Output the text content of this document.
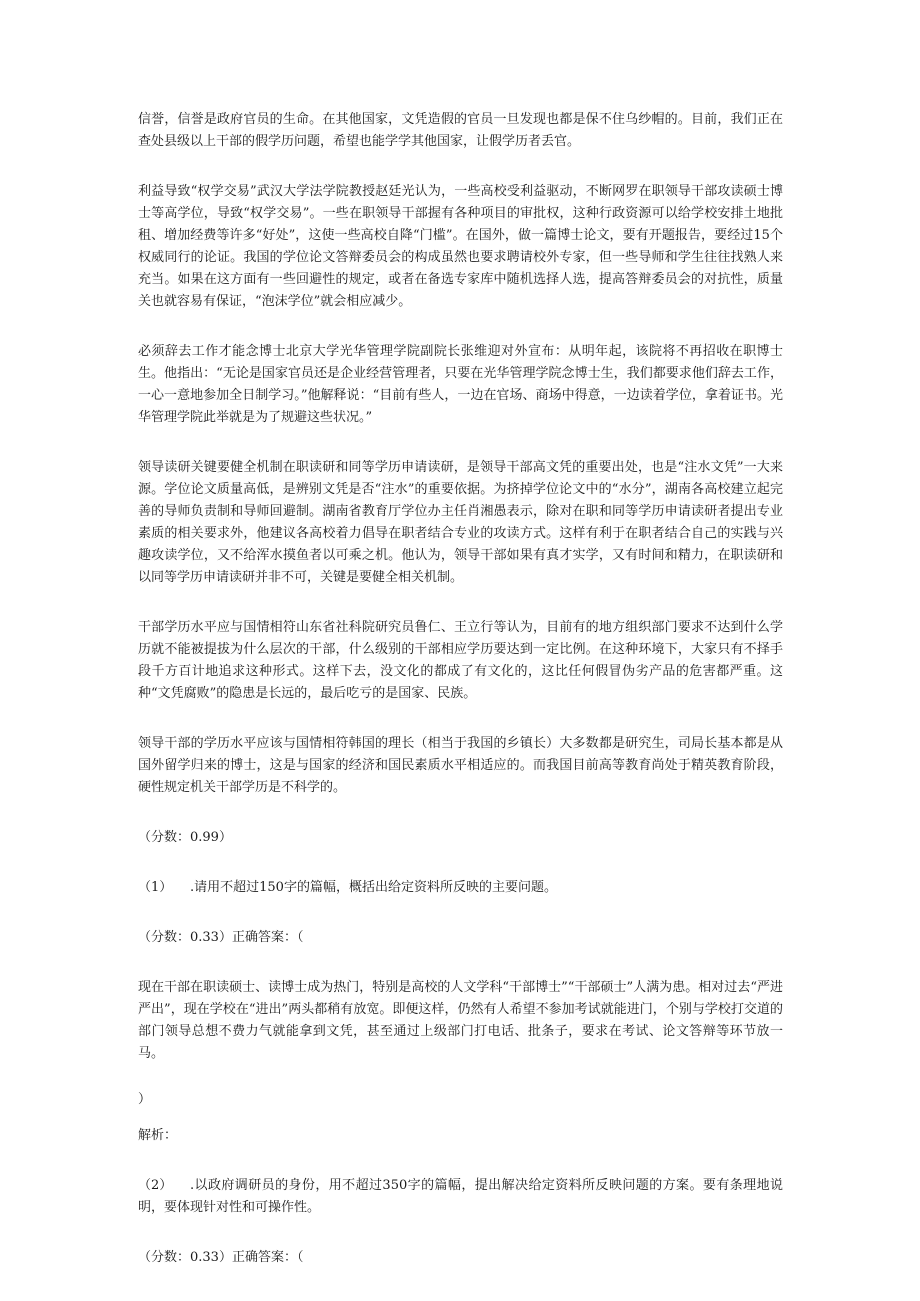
信誉，信誉是政府官员的生命。在其他国家，文凭造假的官员一旦发现也都是保不住乌纱帽的。目前，我们正在查处县级以上干部的假学历问题，希望也能学学其他国家，让假学历者丢官。

利益导致“权学交易”武汉大学法学院教授赵廷光认为，一些高校受利益驱动，不断网罗在职领导干部攻读硕士博士等高学位，导致“权学交易”。一些在职领导干部握有各种项目的审批权，这种行政资源可以给学校安排土地批租、增加经费等许多“好处”，这使一些高校自降“门槛”。在国外，做一篇博士论文，要有开题报告，要经过15个权威同行的论证。我国的学位论文答辩委员会的构成虽然也要求聘请校外专家，但一些导师和学生往往找熟人来充当。如果在这方面有一些回避性的规定，或者在备选专家库中随机选择人选，提高答辩委员会的对抗性，质量关也就容易有保证，“泡沫学位”就会相应减少。

必须辞去工作才能念博士北京大学光华管理学院副院长张维迎对外宣布：从明年起，该院将不再招收在职博士生。他指出：“无论是国家官员还是企业经营管理者，只要在光华管理学院念博士生，我们都要求他们辞去工作，一心一意地参加全日制学习。”他解释说：“目前有些人，一边在官场、商场中得意，一边读着学位，拿着证书。光华管理学院此举就是为了规避这些状况。”

领导读研关键要健全机制在职读研和同等学历申请读研，是领导干部高文凭的重要出处，也是“注水文凭”一大来源。学位论文质量高低，是辨别文凭是否“注水”的重要依据。为挤掉学位论文中的“水分”，湖南各高校建立起完善的导师负责制和导师回避制。湖南省教育厅学位办主任肖湘愚表示，除对在职和同等学历申请读研者提出专业素质的相关要求外，他建议各高校着力倡导在职者结合专业的攻读方式。这样有利于在职者结合自己的实践与兴趣攻读学位，又不给浑水摸鱼者以可乘之机。他认为，领导干部如果有真才实学，又有时间和精力，在职读研和以同等学历申请读研并非不可，关键是要健全相关机制。

干部学历水平应与国情相符山东省社科院研究员鲁仁、王立行等认为，目前有的地方组织部门要求不达到什么学历就不能被提拔为什么层次的干部，什么级别的干部相应学历要达到一定比例。在这种环境下，大家只有不择手段千方百计地追求这种形式。这样下去，没文化的都成了有文化的，这比任何假冒伪劣产品的危害都严重。这种“文凭腐败”的隐患是长远的，最后吃亏的是国家、民族。

领导干部的学历水平应该与国情相符韩国的理长（相当于我国的乡镇长）大多数都是研究生，司局长基本都是从国外留学归来的博士，这是与国家的经济和国民素质水平相适应的。而我国目前高等教育尚处于精英教育阶段，硬性规定机关干部学历是不科学的。

（分数：0.99）

（1） .请用不超过150字的篇幅，概括出给定资料所反映的主要问题。

（分数：0.33）正确答案：（

现在干部在职读硕士、读博士成为热门，特别是高校的人文学科“干部博士”“干部硕士”人满为患。相对过去“严进严出”，现在学校在“进出”两头都稍有放宽。即便这样，仍然有人希望不参加考试就能进门，个别与学校打交道的部门领导总想不费力气就能拿到文凭，甚至通过上级部门打电话、批条子，要求在考试、论文答辩等环节放一马。

）

解析：

（2） .以政府调研员的身份，用不超过350字的篇幅，提出解决给定资料所反映问题的方案。要有条理地说明，要体现针对性和可操作性。

（分数：0.33）正确答案：（
